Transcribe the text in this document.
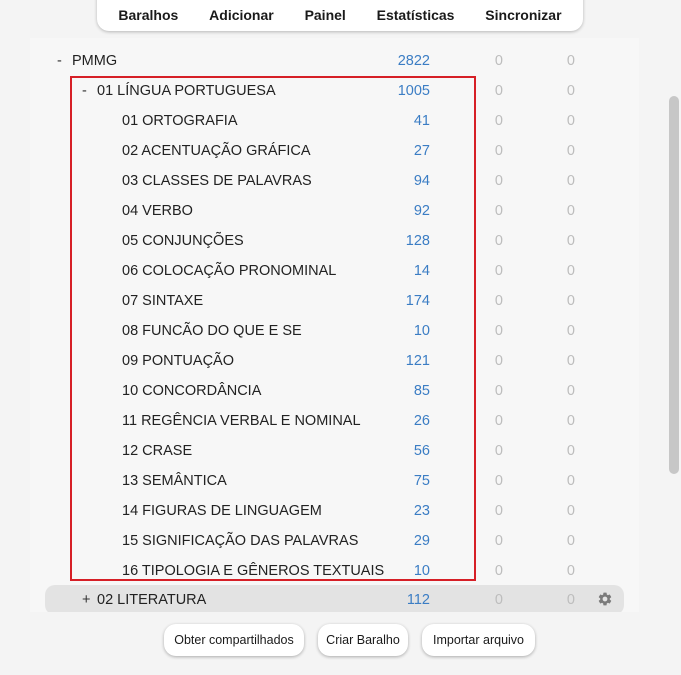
Baralhos Adicionar Painel Estatísticas Sincronizar
- PMMG	2822	0	0
- 01 LÍNGUA PORTUGUESA	1005	0	0
01 ORTOGRAFIA	41	0	0
02 ACENTUAÇÃO GRÁFICA	27	0	0
03 CLASSES DE PALAVRAS	94	0	0
04 VERBO	92	0	0
05 CONJUNÇÕES	128	0	0
06 COLOCAÇÃO PRONOMINAL	14	0	0
07 SINTAXE	174	0	0
08 FUNCÃO DO QUE E SE	10	0	0
09 PONTUAÇÃO	121	0	0
10 CONCORDÂNCIA	85	0	0
11 REGÊNCIA VERBAL E NOMINAL	26	0	0
12 CRASE	56	0	0
13 SEMÂNTICA	75	0	0
14 FIGURAS DE LINGUAGEM	23	0	0
15 SIGNIFICAÇÃO DAS PALAVRAS	29	0	0
16 TIPOLOGIA E GÊNEROS TEXTUAIS	10	0	0
+ 02 LITERATURA	112	0	0
Obter compartilhados	Criar Baralho	Importar arquivo
